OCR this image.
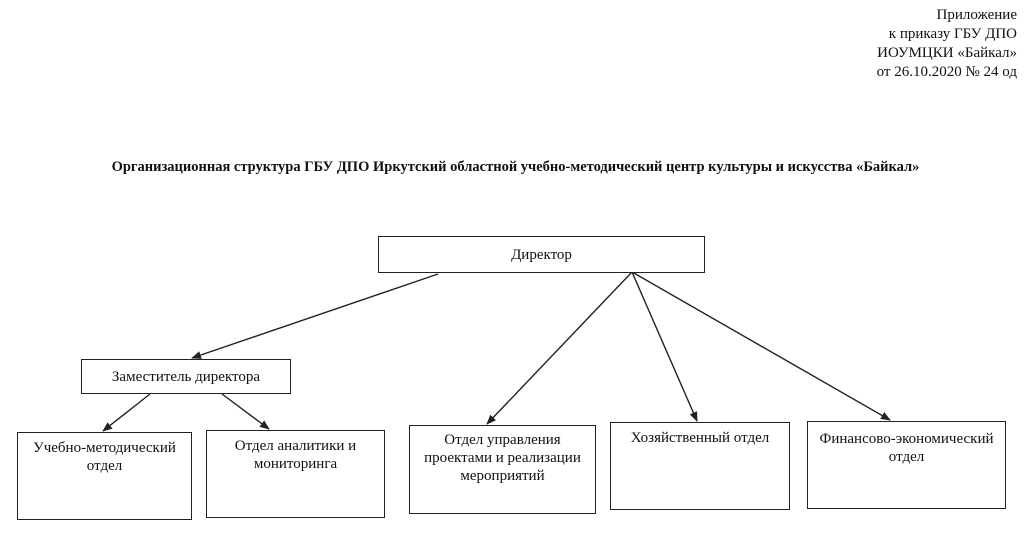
Приложение
к приказу ГБУ ДПО
ИОУМЦКИ «Байкал»
от 26.10.2020 № 24 од
Организационная структура ГБУ ДПО Иркутский областной учебно-методический центр культуры и искусства «Байкал»
Директор
Заместитель директора
Учебно-методический отдел
Отдел аналитики и мониторинга
Отдел управления проектами и реализации мероприятий
Хозяйственный отдел	Финансово-экономический отдел
